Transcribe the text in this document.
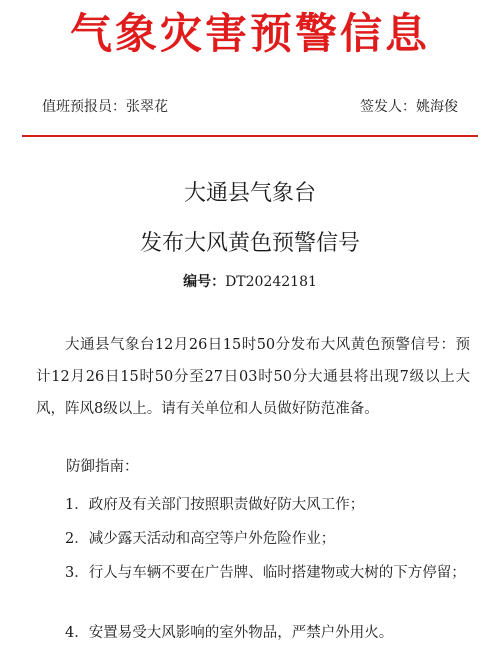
气象灾害预警信息
值班预报员：张翠花	签发人：姚海俊
大通县气象台
发布大风黄色预警信号
编号：DT20242181
大通县气象台12月26日15时50分发布大风黄色预警信号：预计12月26日15时50分至27日03时50分大通县将出现7级以上大风，阵风8级以上。请有关单位和人员做好防范准备。
防御指南：
1．政府及有关部门按照职责做好防大风工作；
2．减少露天活动和高空等户外危险作业；
3．行人与车辆不要在广告牌、临时搭建物或大树的下方停留；
4．安置易受大风影响的室外物品，严禁户外用火。
